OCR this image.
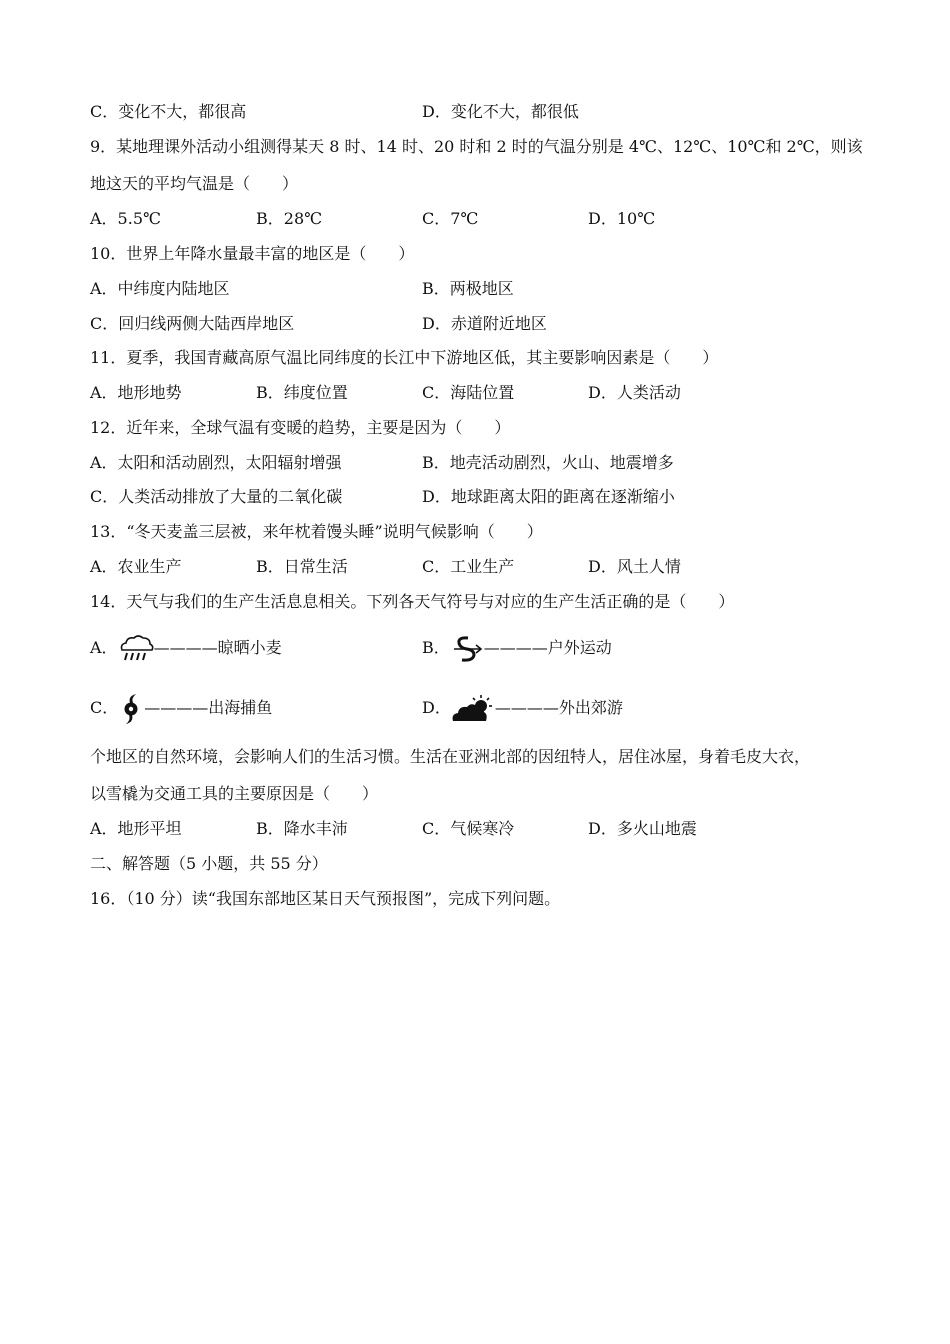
C．变化不大，都很高	D．变化不大，都很低
9．某地理课外活动小组测得某天 8 时、14 时、20 时和 2 时的气温分别是 4℃、12℃、10℃和 2℃，则该
地这天的平均气温是（　　）
A．5.5℃	B．28℃	C．7℃	D．10℃
10．世界上年降水量最丰富的地区是（　　）
A．中纬度内陆地区	B．两极地区
C．回归线两侧大陆西岸地区	D．赤道附近地区
11．夏季，我国青藏高原气温比同纬度的长江中下游地区低，其主要影响因素是（　　）
A．地形地势	B．纬度位置	C．海陆位置	D．人类活动
12．近年来，全球气温有变暖的趋势，主要是因为（　　）
A．太阳和活动剧烈，太阳辐射增强	B．地壳活动剧烈，火山、地震增多
C．人类活动排放了大量的二氧化碳	D．地球距离太阳的距离在逐渐缩小
13．“冬天麦盖三层被，来年枕着馒头睡”说明气候影响（　　）
A．农业生产	B．日常生活	C．工业生产	D．风土人情
14．天气与我们的生产生活息息相关。下列各天气符号与对应的生产生活正确的是（　　）
A． ————晾晒小麦	B． ————户外运动
C． ————出海捕鱼	D．	————外出郊游
个地区的自然环境，会影响人们的生活习惯。生活在亚洲北部的因纽特人，居住冰屋，身着毛皮大衣，
以雪橇为交通工具的主要原因是（　　）
A．地形平坦	B．降水丰沛	C．气候寒冷	D．多火山地震
二、解答题（5 小题，共 55 分）
16．（10 分）读“我国东部地区某日天气预报图”，完成下列问题。
